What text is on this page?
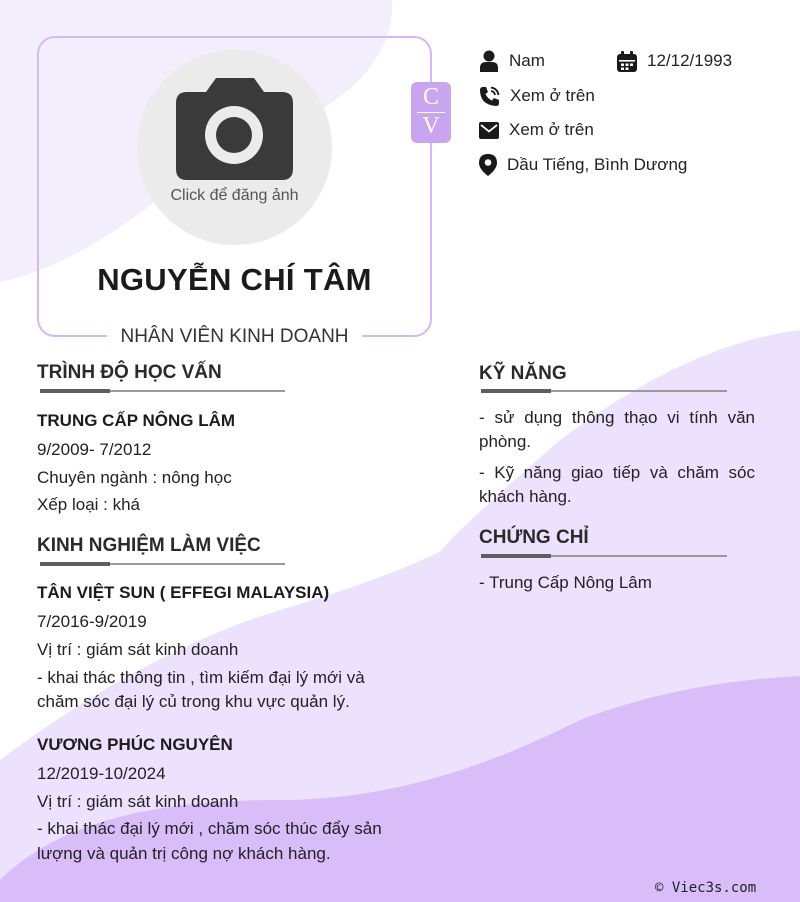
Click để đăng ảnh
NGUYỄN CHÍ TÂM
NHÂN VIÊN KINH DOANH
C
V
Nam	12/12/1993
Xem ở trên
Xem ở trên
Dầu Tiếng, Bình Dương
TRÌNH ĐỘ HỌC VẤN
TRUNG CẤP NÔNG LÂM
9/2009- 7/2012
Chuyên ngành : nông học
Xếp loại : khá
KINH NGHIỆM LÀM VIỆC
TÂN VIỆT SUN ( EFFEGI MALAYSIA)
7/2016-9/2019
Vị trí : giám sát kinh doanh
- khai thác thông tin , tìm kiếm đại lý mới và
chăm sóc đại lý củ trong khu vực quản lý.
VƯƠNG PHÚC NGUYÊN
12/2019-10/2024
Vị trí : giám sát kinh doanh
- khai thác đại lý mới , chăm sóc thúc đẩy sản
lượng và quản trị công nợ khách hàng.
KỸ NĂNG
- sử dụng thông thạo vi tính văn phòng.
- Kỹ năng giao tiếp và chăm sóc khách hàng.
CHỨNG CHỈ
- Trung Cấp Nông Lâm
© Viec3s.com
